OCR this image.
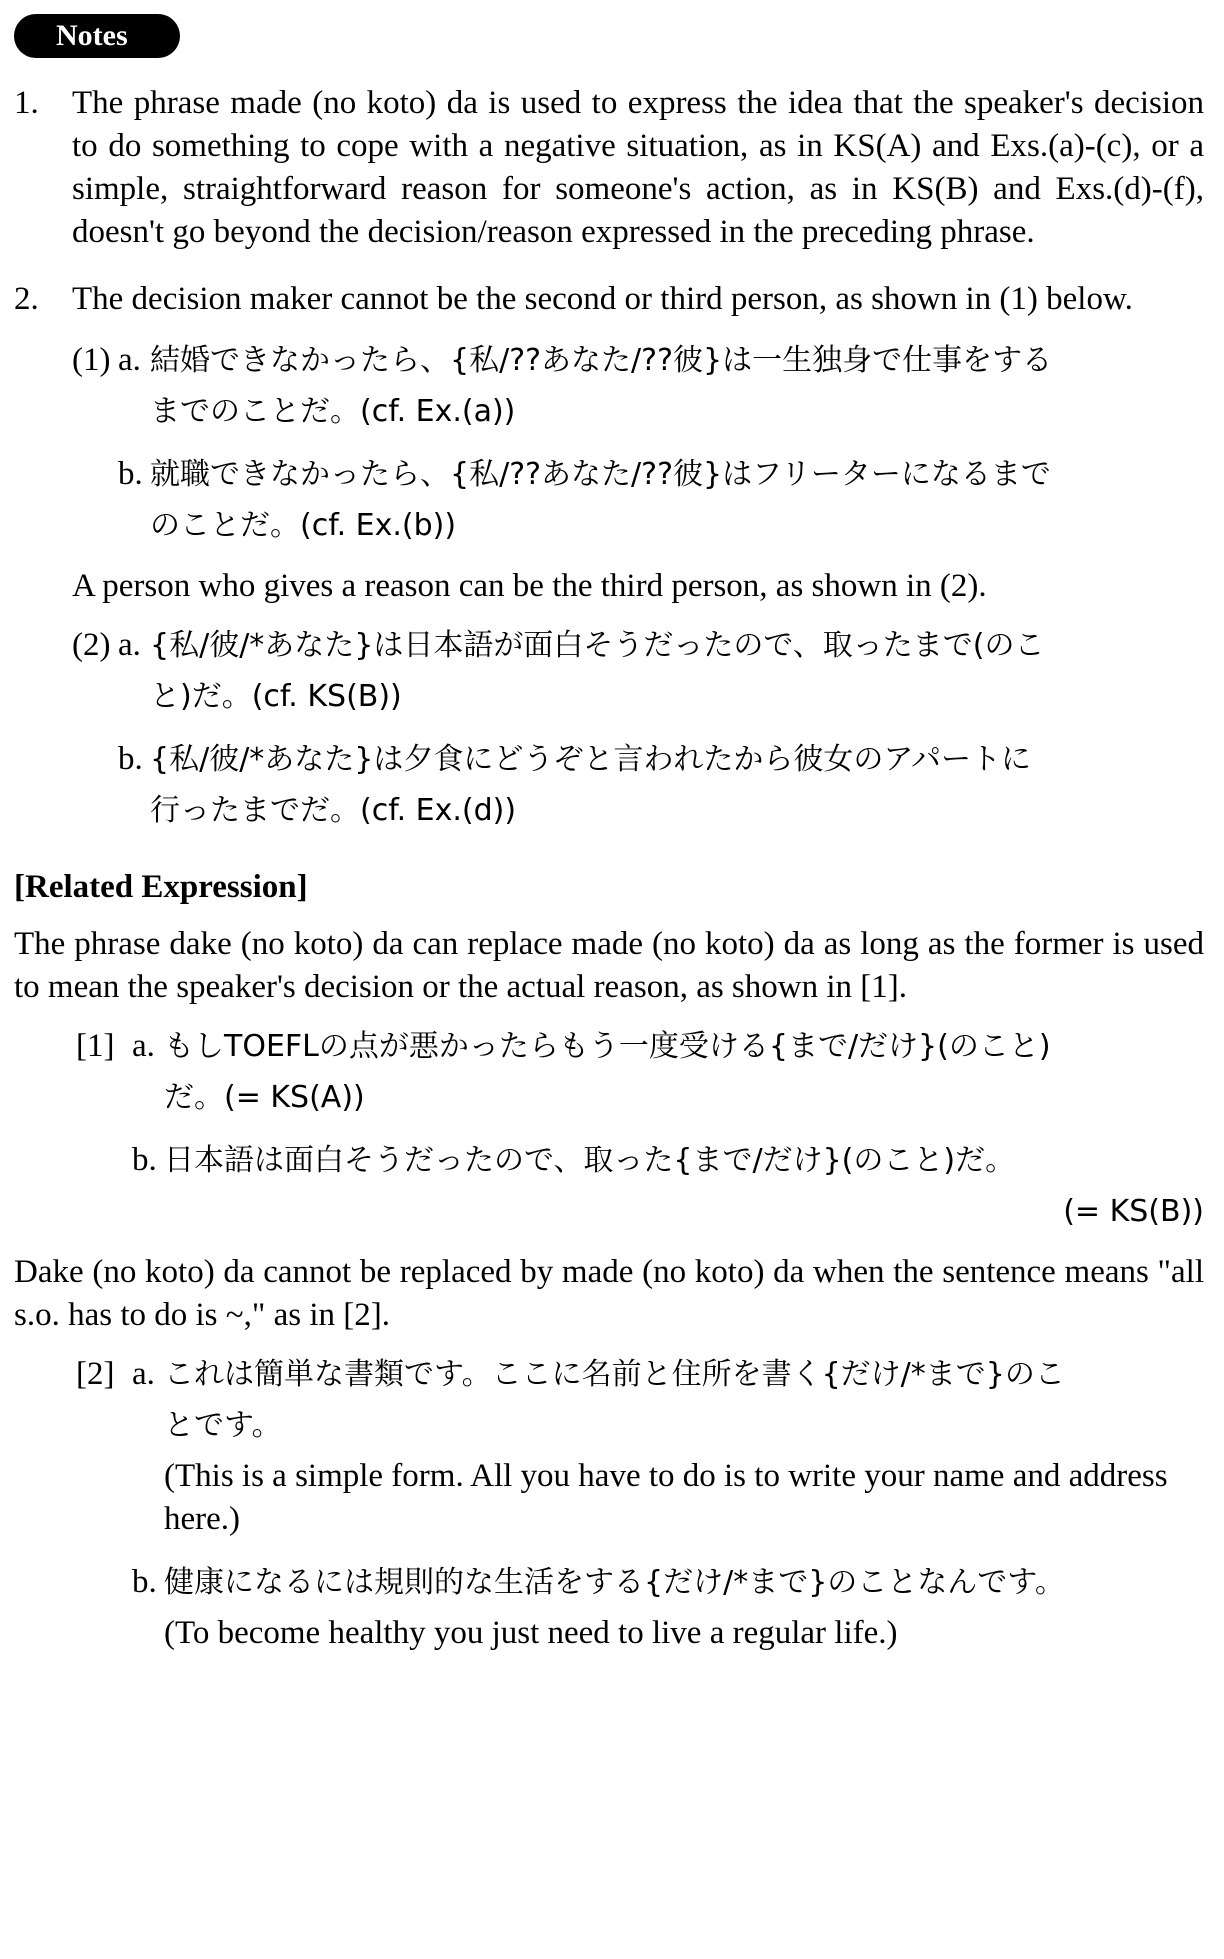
Notes
1.	The phrase made (no koto) da is used to express the idea that the speaker's decision to do something to cope with a negative situation, as in KS(A) and Exs.(a)-(c), or a simple, straightforward reason for someone's action, as in KS(B) and Exs.(d)-(f), doesn't go beyond the decision/reason expressed in the preceding phrase.
2.	The decision maker cannot be the second or third person, as shown in (1) below.
(1) a. 結婚できなかったら、{私/??あなた/??彼}は一生独身で仕事をする
までのことだ。(cf. Ex.(a))
b. 就職できなかったら、{私/??あなた/??彼}はフリーターになるまで
のことだ。(cf. Ex.(b))
A person who gives a reason can be the third person, as shown in (2).
(2) a. {私/彼/*あなた}は日本語が面白そうだったので、取ったまで(のこ
と)だ。(cf. KS(B))
b. {私/彼/*あなた}は夕食にどうぞと言われたから彼女のアパートに
行ったまでだ。(cf. Ex.(d))
[Related Expression]
The phrase dake (no koto) da can replace made (no koto) da as long as the former is used to mean the speaker's decision or the actual reason, as shown in [1].
[1] a. もしTOEFLの点が悪かったらもう一度受ける{まで/だけ}(のこと)
だ。(= KS(A))
b. 日本語は面白そうだったので、取った{まで/だけ}(のこと)だ。
(= KS(B))
Dake (no koto) da cannot be replaced by made (no koto) da when the sentence means "all s.o. has to do is ~," as in [2].
[2] a. これは簡単な書類です。ここに名前と住所を書く{だけ/*まで}のこ
とです。
(This is a simple form. All you have to do is to write your name and address here.)
b. 健康になるには規則的な生活をする{だけ/*まで}のことなんです。
(To become healthy you just need to live a regular life.)
